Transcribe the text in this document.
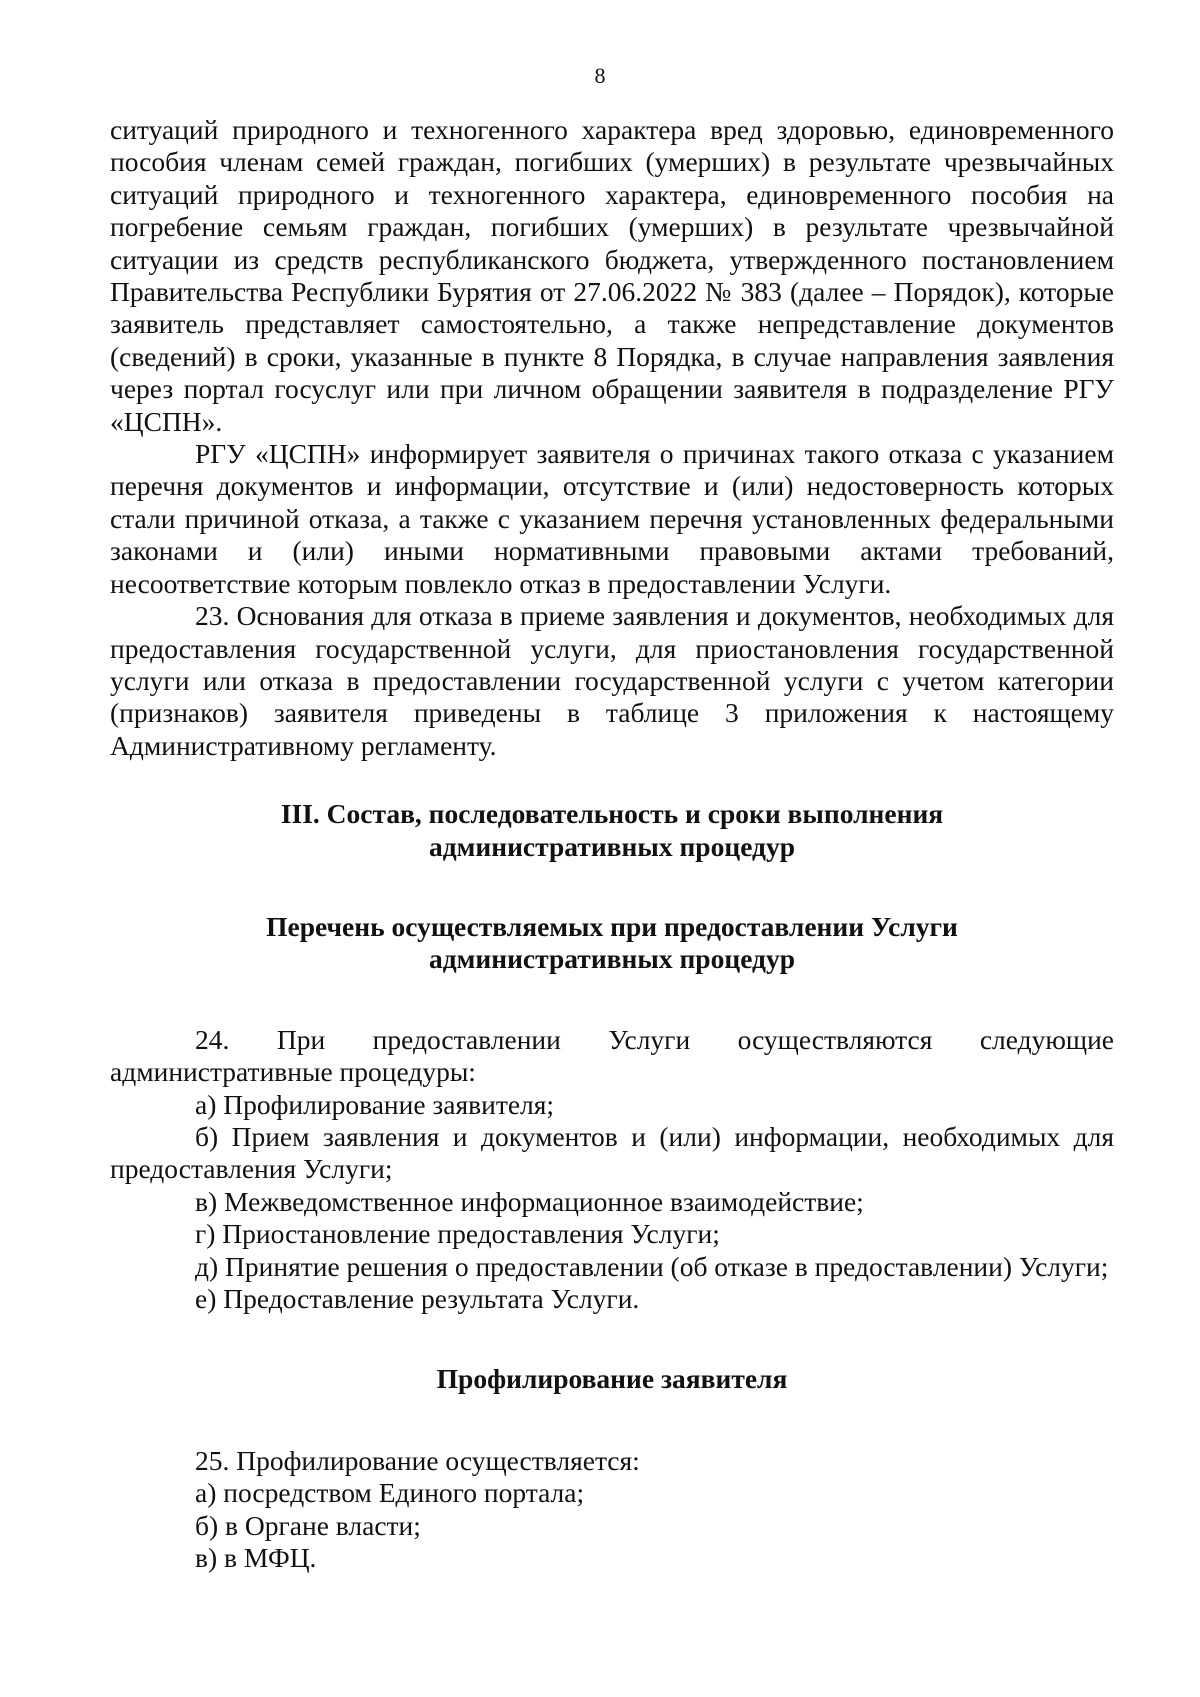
8

ситуаций природного и техногенного характера вред здоровью, единовременного пособия членам семей граждан, погибших (умерших) в результате чрезвычайных ситуаций природного и техногенного характера, единовременного пособия на погребение семьям граждан, погибших (умерших) в результате чрезвычайной ситуации из средств республиканского бюджета, утвержденного постановлением Правительства Республики Бурятия от 27.06.2022 № 383 (далее – Порядок), которые заявитель представляет самостоятельно, а также непредставление документов (сведений) в сроки, указанные в пункте 8 Порядка, в случае направления заявления через портал госуслуг или при личном обращении заявителя в подразделение РГУ «ЦСПН».

РГУ «ЦСПН» информирует заявителя о причинах такого отказа с указанием перечня документов и информации, отсутствие и (или) недостоверность которых стали причиной отказа, а также с указанием перечня установленных федеральными законами и (или) иными нормативными правовыми актами требований, несоответствие которым повлекло отказ в предоставлении Услуги.

23. Основания для отказа в приеме заявления и документов, необходимых для предоставления государственной услуги, для приостановления государственной услуги или отказа в предоставлении государственной услуги с учетом категории (признаков) заявителя приведены в таблице 3 приложения к настоящему Административному регламенту.

III. Состав, последовательность и сроки выполнения
административных процедур
Перечень осуществляемых при предоставлении Услуги
административных процедур

24. При предоставлении Услуги осуществляются следующие административные процедуры:

а) Профилирование заявителя;

б) Прием заявления и документов и (или) информации, необходимых для предоставления Услуги;

в) Межведомственное информационное взаимодействие;

г) Приостановление предоставления Услуги;

д) Принятие решения о предоставлении (об отказе в предоставлении) Услуги;

е) Предоставление результата Услуги.

Профилирование заявителя

25. Профилирование осуществляется:

а) посредством Единого портала;

б) в Органе власти;

в) в МФЦ.
